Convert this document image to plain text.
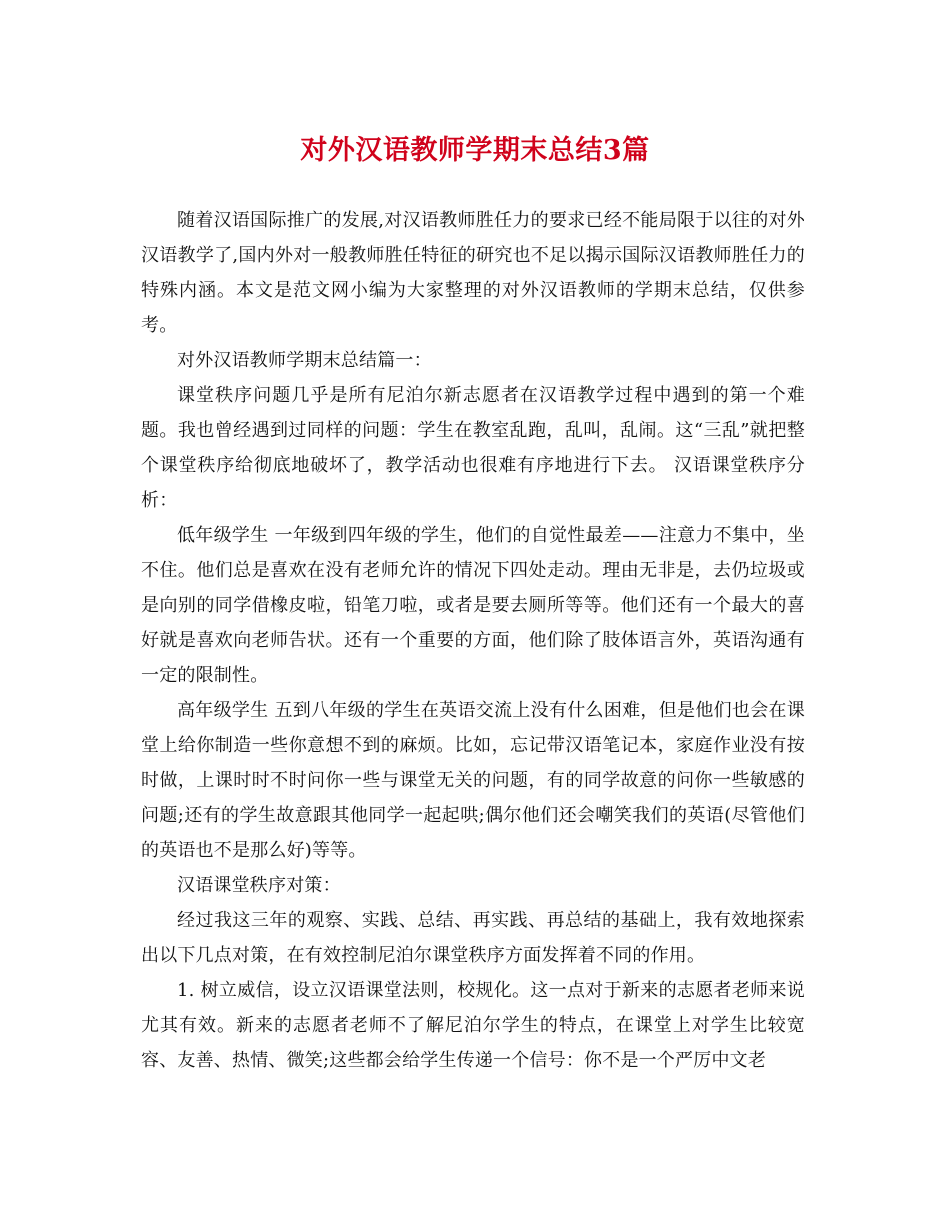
对外汉语教师学期末总结3篇

随着汉语国际推广的发展,对汉语教师胜任力的要求已经不能局限于以往的对外汉语教学了,国内外对一般教师胜任特征的研究也不足以揭示国际汉语教师胜任力的特殊内涵。本文是范文网小编为大家整理的对外汉语教师的学期末总结，仅供参考。

对外汉语教师学期末总结篇一：

课堂秩序问题几乎是所有尼泊尔新志愿者在汉语教学过程中遇到的第一个难题。我也曾经遇到过同样的问题：学生在教室乱跑，乱叫，乱闹。这“三乱”就把整个课堂秩序给彻底地破坏了，教学活动也很难有序地进行下去。 汉语课堂秩序分析：

低年级学生 一年级到四年级的学生，他们的自觉性最差——注意力不集中，坐不住。他们总是喜欢在没有老师允许的情况下四处走动。理由无非是，去仍垃圾或是向别的同学借橡皮啦，铅笔刀啦，或者是要去厕所等等。他们还有一个最大的喜好就是喜欢向老师告状。还有一个重要的方面，他们除了肢体语言外，英语沟通有一定的限制性。

高年级学生 五到八年级的学生在英语交流上没有什么困难，但是他们也会在课堂上给你制造一些你意想不到的麻烦。比如，忘记带汉语笔记本，家庭作业没有按时做，上课时时不时问你一些与课堂无关的问题，有的同学故意的问你一些敏感的问题;还有的学生故意跟其他同学一起起哄;偶尔他们还会嘲笑我们的英语(尽管他们的英语也不是那么好)等等。

汉语课堂秩序对策：

经过我这三年的观察、实践、总结、再实践、再总结的基础上，我有效地探索出以下几点对策，在有效控制尼泊尔课堂秩序方面发挥着不同的作用。

1. 树立威信，设立汉语课堂法则，校规化。这一点对于新来的志愿者老师来说尤其有效。新来的志愿者老师不了解尼泊尔学生的特点，在课堂上对学生比较宽容、友善、热情、微笑;这些都会给学生传递一个信号：你不是一个严厉中文老
